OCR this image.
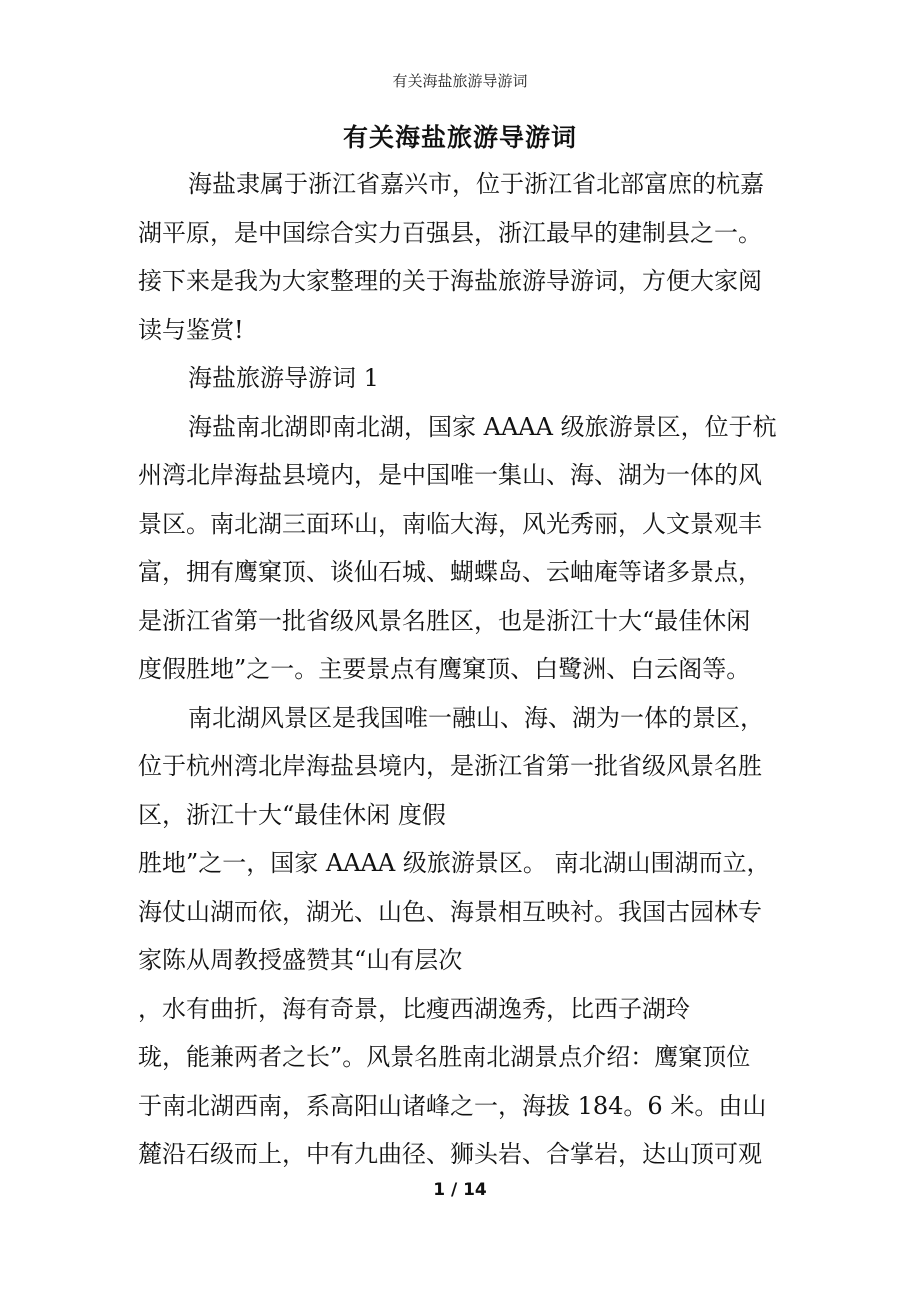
有关海盐旅游导游词
有关海盐旅游导游词
海盐隶属于浙江省嘉兴市，位于浙江省北部富庶的杭嘉
湖平原，是中国综合实力百强县，浙江最早的建制县之一。
接下来是我为大家整理的关于海盐旅游导游词，方便大家阅
读与鉴赏!
海盐旅游导游词 1
海盐南北湖即南北湖，国家 AAAA 级旅游景区，位于杭
州湾北岸海盐县境内，是中国唯一集山、海、湖为一体的风
景区。南北湖三面环山，南临大海，风光秀丽，人文景观丰
富，拥有鹰窠顶、谈仙石城、蝴蝶岛、云岫庵等诸多景点，
是浙江省第一批省级风景名胜区，也是浙江十大“最佳休闲
度假胜地”之一。主要景点有鹰窠顶、白鹭洲、白云阁等。
南北湖风景区是我国唯一融山、海、湖为一体的景区，
位于杭州湾北岸海盐县境内，是浙江省第一批省级风景名胜
区，浙江十大“最佳休闲 度假
胜地”之一，国家 AAAA 级旅游景区。 南北湖山围湖而立，
海仗山湖而依，湖光、山色、海景相互映衬。我国古园林专
家陈从周教授盛赞其“山有层次
，水有曲折，海有奇景，比瘦西湖逸秀，比西子湖玲
珑，能兼两者之长”。风景名胜南北湖景点介绍：鹰窠顶位
于南北湖西南，系高阳山诸峰之一，海拔 184。6 米。由山
麓沿石级而上，中有九曲径、狮头岩、合掌岩，达山顶可观
1 / 14
